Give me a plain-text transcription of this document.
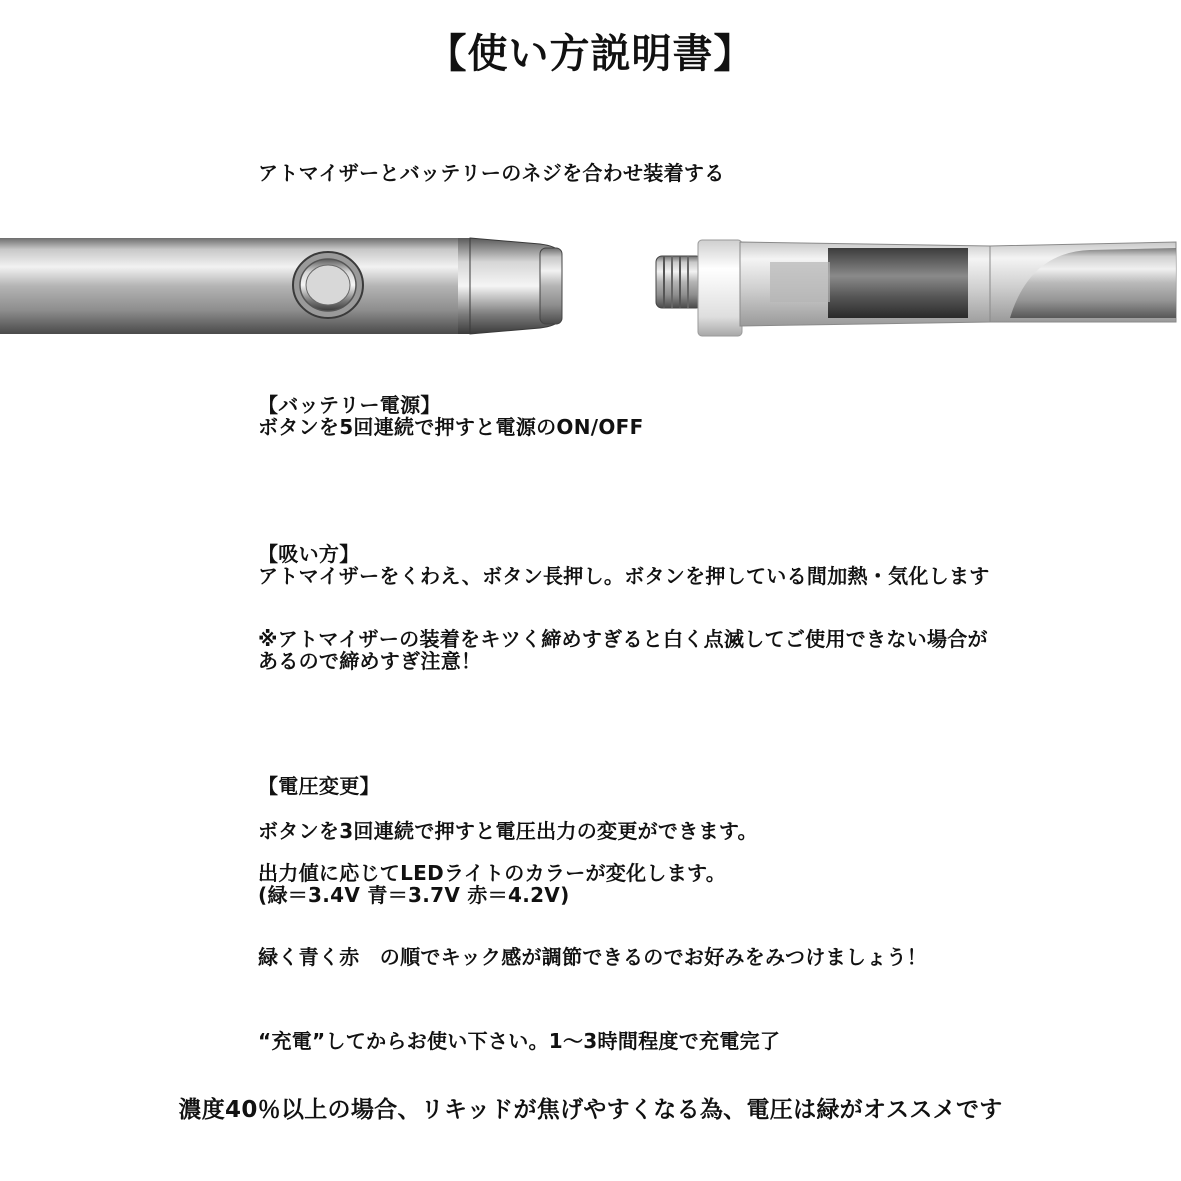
【使い方説明書】

アトマイザーとバッテリーのネジを合わせ装着する

【バッテリー電源】

ボタンを5回連続で押すと電源のON/OFF

【吸い方】

アトマイザーをくわえ、ボタン長押し。ボタンを押している間加熱・気化します

※アトマイザーの装着をキツく締めすぎると白く点滅してご使用できない場合が

あるので締めすぎ注意！

【電圧変更】

ボタンを3回連続で押すと電圧出力の変更ができます。

出力値に応じてLEDライトのカラーが変化します。

(緑＝3.4V 青＝3.7V 赤＝4.2V)

緑く青く赤　の順でキック感が調節できるのでお好みをみつけましょう！

“充電”してからお使い下さい。1～3時間程度で充電完了

濃度40％以上の場合、リキッドが焦げやすくなる為、電圧は緑がオススメです
